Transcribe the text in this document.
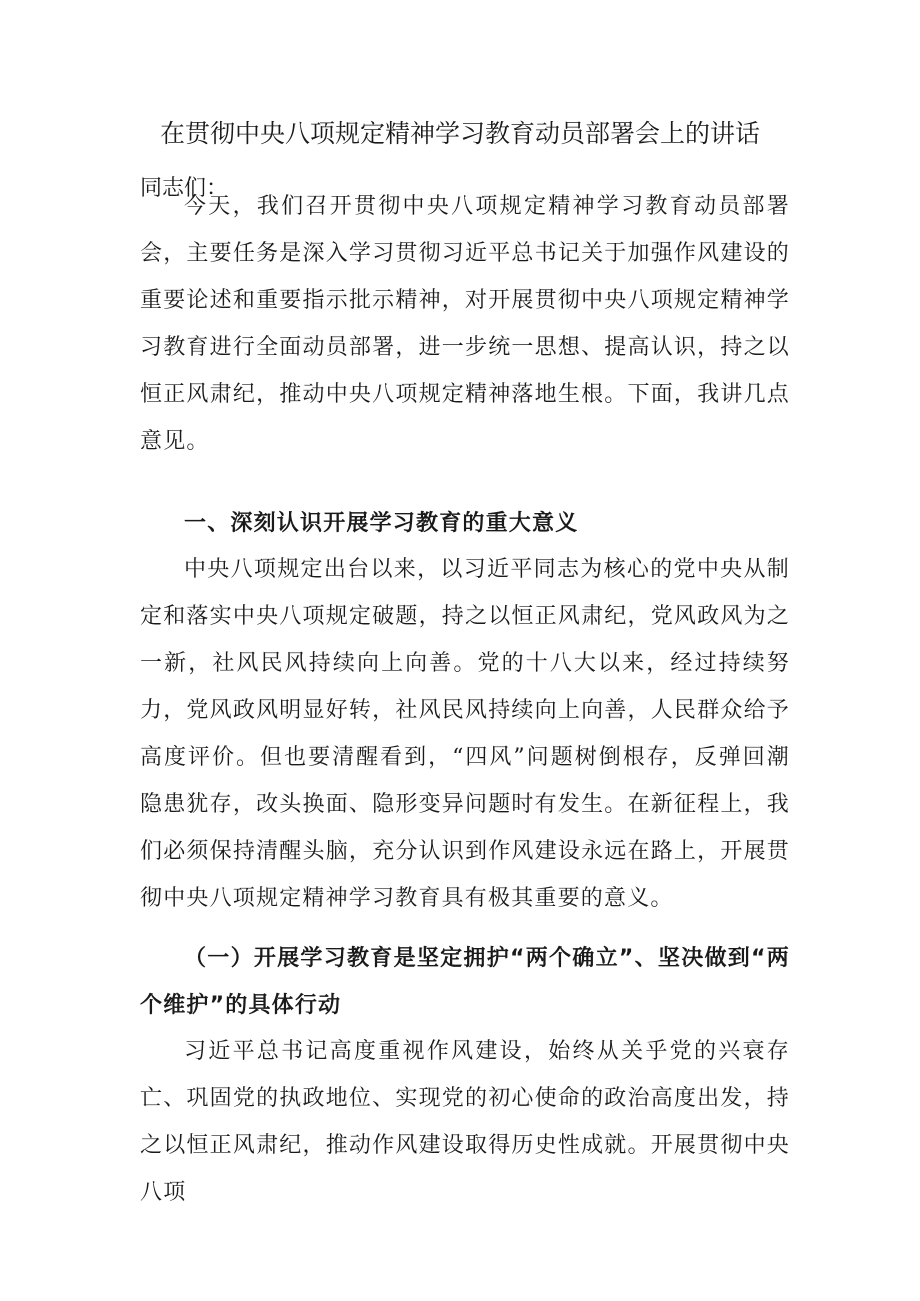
在贯彻中央八项规定精神学习教育动员部署会上的讲话

同志们：

今天，我们召开贯彻中央八项规定精神学习教育动员部署会，主要任务是深入学习贯彻习近平总书记关于加强作风建设的重要论述和重要指示批示精神，对开展贯彻中央八项规定精神学习教育进行全面动员部署，进一步统一思想、提高认识，持之以恒正风肃纪，推动中央八项规定精神落地生根。下面，我讲几点意见。

一、深刻认识开展学习教育的重大意义

中央八项规定出台以来，以习近平同志为核心的党中央从制定和落实中央八项规定破题，持之以恒正风肃纪，党风政风为之一新，社风民风持续向上向善。党的十八大以来，经过持续努力，党风政风明显好转，社风民风持续向上向善，人民群众给予高度评价。但也要清醒看到，“四风”问题树倒根存，反弹回潮隐患犹存，改头换面、隐形变异问题时有发生。在新征程上，我们必须保持清醒头脑，充分认识到作风建设永远在路上，开展贯彻中央八项规定精神学习教育具有极其重要的意义。

（一）开展学习教育是坚定拥护“两个确立”、坚决做到“两个维护”的具体行动

习近平总书记高度重视作风建设，始终从关乎党的兴衰存亡、巩固党的执政地位、实现党的初心使命的政治高度出发，持之以恒正风肃纪，推动作风建设取得历史性成就。开展贯彻中央八项
